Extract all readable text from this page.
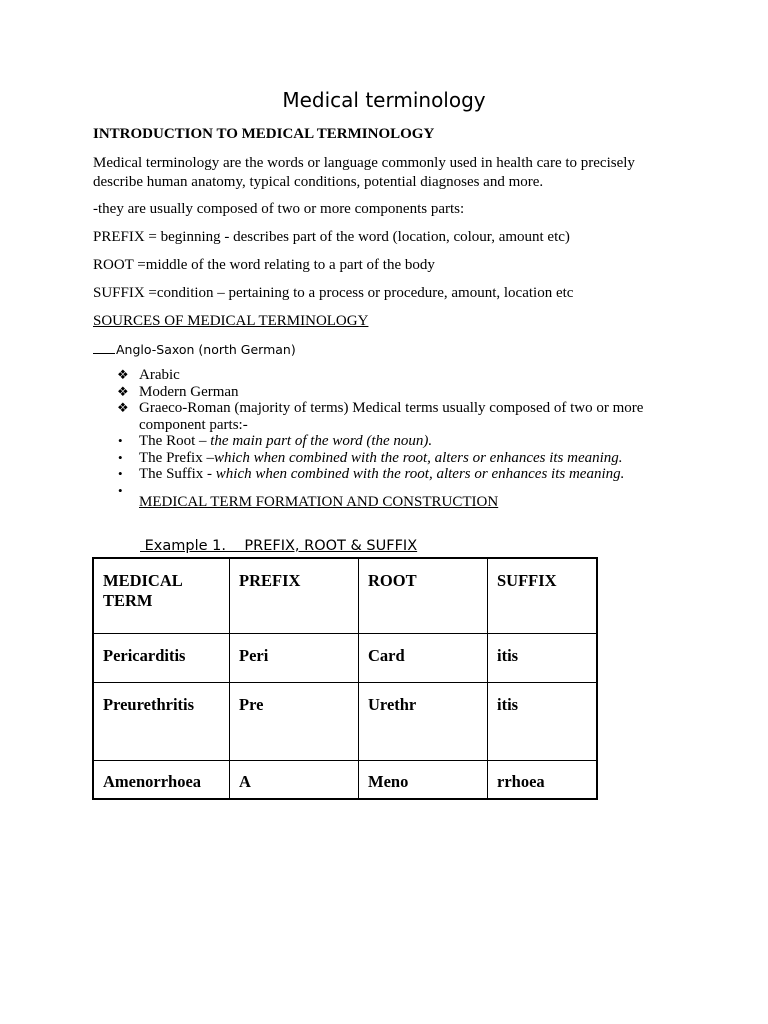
Medical terminology
INTRODUCTION TO MEDICAL TERMINOLOGY
Medical terminology are the words or language commonly used in health care to precisely describe human anatomy, typical conditions, potential diagnoses and more.
-they are usually composed of two or more components parts:
PREFIX = beginning - describes part of the word (location, colour, amount etc)
ROOT =middle of the word relating to a part of the body
SUFFIX =condition – pertaining to a process or procedure, amount, location etc
SOURCES OF MEDICAL TERMINOLOGY
Anglo-Saxon (north German)
❖ Arabic
❖ Modern German
❖ Graeco-Roman (majority of terms) Medical terms usually composed of two or more component parts:-
•	The Root – the main part of the word (the noun).
•	The Prefix –which when combined with the root, alters or enhances its meaning.
•	The Suffix - which when combined with the root, alters or enhances its meaning.
•
MEDICAL TERM FORMATION AND CONSTRUCTION
Example 1.    PREFIX, ROOT & SUFFIX
MEDICAL TERM	PREFIX	ROOT	SUFFIX
Pericarditis	Peri	Card	itis
Preurethritis	Pre	Urethr	itis
Amenorrhoea	A	Meno	rrhoea
